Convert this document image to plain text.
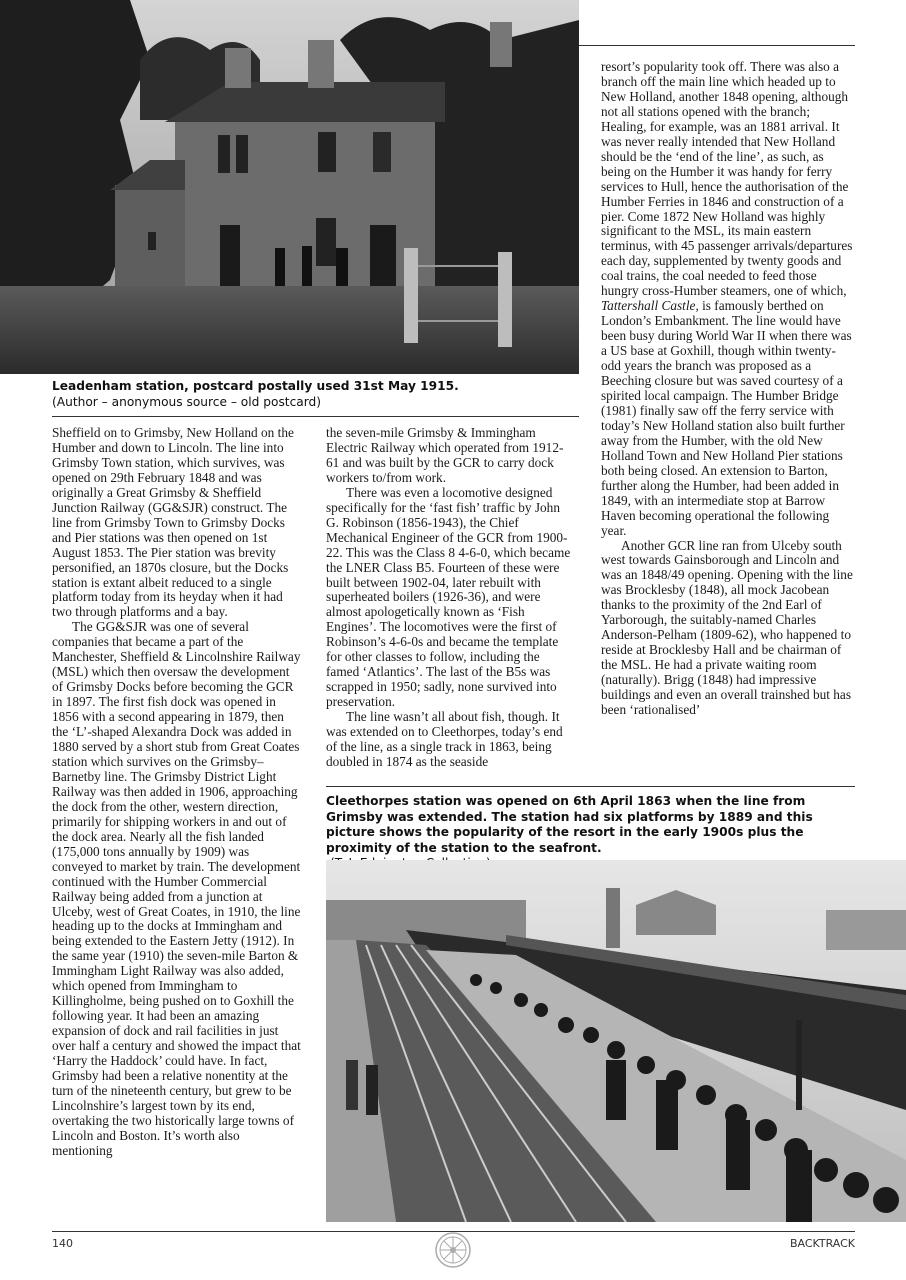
Leadenham station, postcard postally used 31st May 1915.
(Author – anonymous source – old postcard)

Sheffield on to Grimsby, New Holland on the Humber and down to Lincoln. The line into Grimsby Town station, which survives, was opened on 29th February 1848 and was originally a Great Grimsby & Sheffield Junction Railway (GG&SJR) construct. The line from Grimsby Town to Grimsby Docks and Pier stations was then opened on 1st August 1853. The Pier station was brevity personified, an 1870s closure, but the Docks station is extant albeit reduced to a single platform today from its heyday when it had two through platforms and a bay.

The GG&SJR was one of several companies that became a part of the Manchester, Sheffield & Lincolnshire Railway (MSL) which then oversaw the development of Grimsby Docks before becoming the GCR in 1897. The first fish dock was opened in 1856 with a second appearing in 1879, then the ‘L’-shaped Alexandra Dock was added in 1880 served by a short stub from Great Coates station which survives on the Grimsby–Barnetby line. The Grimsby District Light Railway was then added in 1906, approaching the dock from the other, western direction, primarily for shipping workers in and out of the dock area. Nearly all the fish landed (175,000 tons annually by 1909) was conveyed to market by train. The development continued with the Humber Commercial Railway being added from a junction at Ulceby, west of Great Coates, in 1910, the line heading up to the docks at Immingham and being extended to the Eastern Jetty (1912). In the same year (1910) the seven-mile Barton & Immingham Light Railway was also added, which opened from Immingham to Killingholme, being pushed on to Goxhill the following year. It had been an amazing expansion of dock and rail facilities in just over half a century and showed the impact that ‘Harry the Haddock’ could have. In fact, Grimsby had been a relative nonentity at the turn of the nineteenth century, but grew to be Lincolnshire’s largest town by its end, overtaking the two historically large towns of Lincoln and Boston. It’s worth also mentioning

the seven-mile Grimsby & Immingham Electric Railway which operated from 1912-61 and was built by the GCR to carry dock workers to/from work.

There was even a locomotive designed specifically for the ‘fast fish’ traffic by John G. Robinson (1856-1943), the Chief Mechanical Engineer of the GCR from 1900-22. This was the Class 8 4-6-0, which became the LNER Class B5. Fourteen of these were built between 1902-04, later rebuilt with superheated boilers (1926-36), and were almost apologetically known as ‘Fish Engines’. The locomotives were the first of Robinson’s 4-6-0s and became the template for other classes to follow, including the famed ‘Atlantics’. The last of the B5s was scrapped in 1950; sadly, none survived into preservation.

The line wasn’t all about fish, though. It was extended on to Cleethorpes, today’s end of the line, as a single track in 1863, being doubled in 1874 as the seaside

resort’s popularity took off. There was also a branch off the main line which headed up to New Holland, another 1848 opening, although not all stations opened with the branch; Healing, for example, was an 1881 arrival. It was never really intended that New Holland should be the ‘end of the line’, as such, as being on the Humber it was handy for ferry services to Hull, hence the authorisation of the Humber Ferries in 1846 and construction of a pier. Come 1872 New Holland was highly significant to the MSL, its main eastern terminus, with 45 passenger arrivals/departures each day, supplemented by twenty goods and coal trains, the coal needed to feed those hungry cross-Humber steamers, one of which, Tattershall Castle, is famously berthed on London’s Embankment. The line would have been busy during World War II when there was a US base at Goxhill, though within twenty-odd years the branch was proposed as a Beeching closure but was saved courtesy of a spirited local campaign. The Humber Bridge (1981) finally saw off the ferry service with today’s New Holland station also built further away from the Humber, with the old New Holland Town and New Holland Pier stations both being closed. An extension to Barton, further along the Humber, had been added in 1849, with an intermediate stop at Barrow Haven becoming operational the following year.

Another GCR line ran from Ulceby south west towards Gainsborough and Lincoln and was an 1848/49 opening. Opening with the line was Brocklesby (1848), all mock Jacobean thanks to the proximity of the 2nd Earl of Yarborough, the suitably-named Charles Anderson-Pelham (1809-62), who happened to reside at Brocklesby Hall and be chairman of the MSL. He had a private waiting room (naturally). Brigg (1848) had impressive buildings and even an overall trainshed but has been ‘rationalised’

Cleethorpes station was opened on 6th April 1863 when the line from Grimsby was extended. The station had six platforms by 1889 and this picture shows the popularity of the resort in the early 1900s plus the proximity of the station to the seafront.
140	BACKTRACK
